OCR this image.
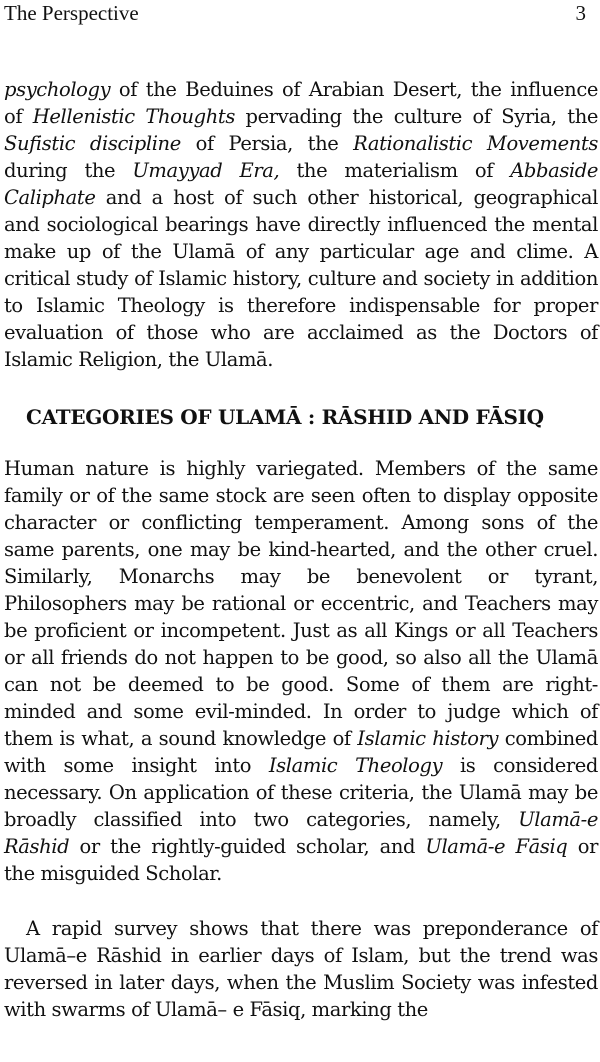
The Perspective	3

psychology of the Beduines of Arabian Desert, the influence of Hellenistic Thoughts pervading the culture of Syria, the Sufistic discipline of Persia, the Rationalistic Movements during the Umayyad Era, the materialism of Abbaside Caliphate and a host of such other historical, geographical and sociological bearings have directly influenced the mental make up of the Ulamā of any particular age and clime. A critical study of Islamic history, culture and society in addition to Islamic Theology is therefore indispensable for proper evaluation of those who are acclaimed as the Doctors of Islamic Religion, the Ulamā.

CATEGORIES OF ULAMĀ : RĀSHID AND FĀSIQ

Human nature is highly variegated. Members of the same family or of the same stock are seen often to display opposite character or conflicting temperament. Among sons of the same parents, one may be kind-hearted, and the other cruel. Similarly, Monarchs may be benevolent or tyrant, Philosophers may be rational or eccentric, and Teachers may be proficient or incompetent. Just as all Kings or all Teachers or all friends do not happen to be good, so also all the Ulamā can not be deemed to be good. Some of them are right-minded and some evil-minded. In order to judge which of them is what, a sound knowledge of Islamic history combined with some insight into Islamic Theology is considered necessary. On application of these criteria, the Ulamā may be broadly classified into two categories, namely, Ulamā-e Rāshid or the rightly-guided scholar, and Ulamā-e Fāsiq or the misguided Scholar.

A rapid survey shows that there was preponderance of Ulamā–e Rāshid in earlier days of Islam, but the trend was reversed in later days, when the Muslim Society was infested with swarms of Ulamā– e Fāsiq, marking the
